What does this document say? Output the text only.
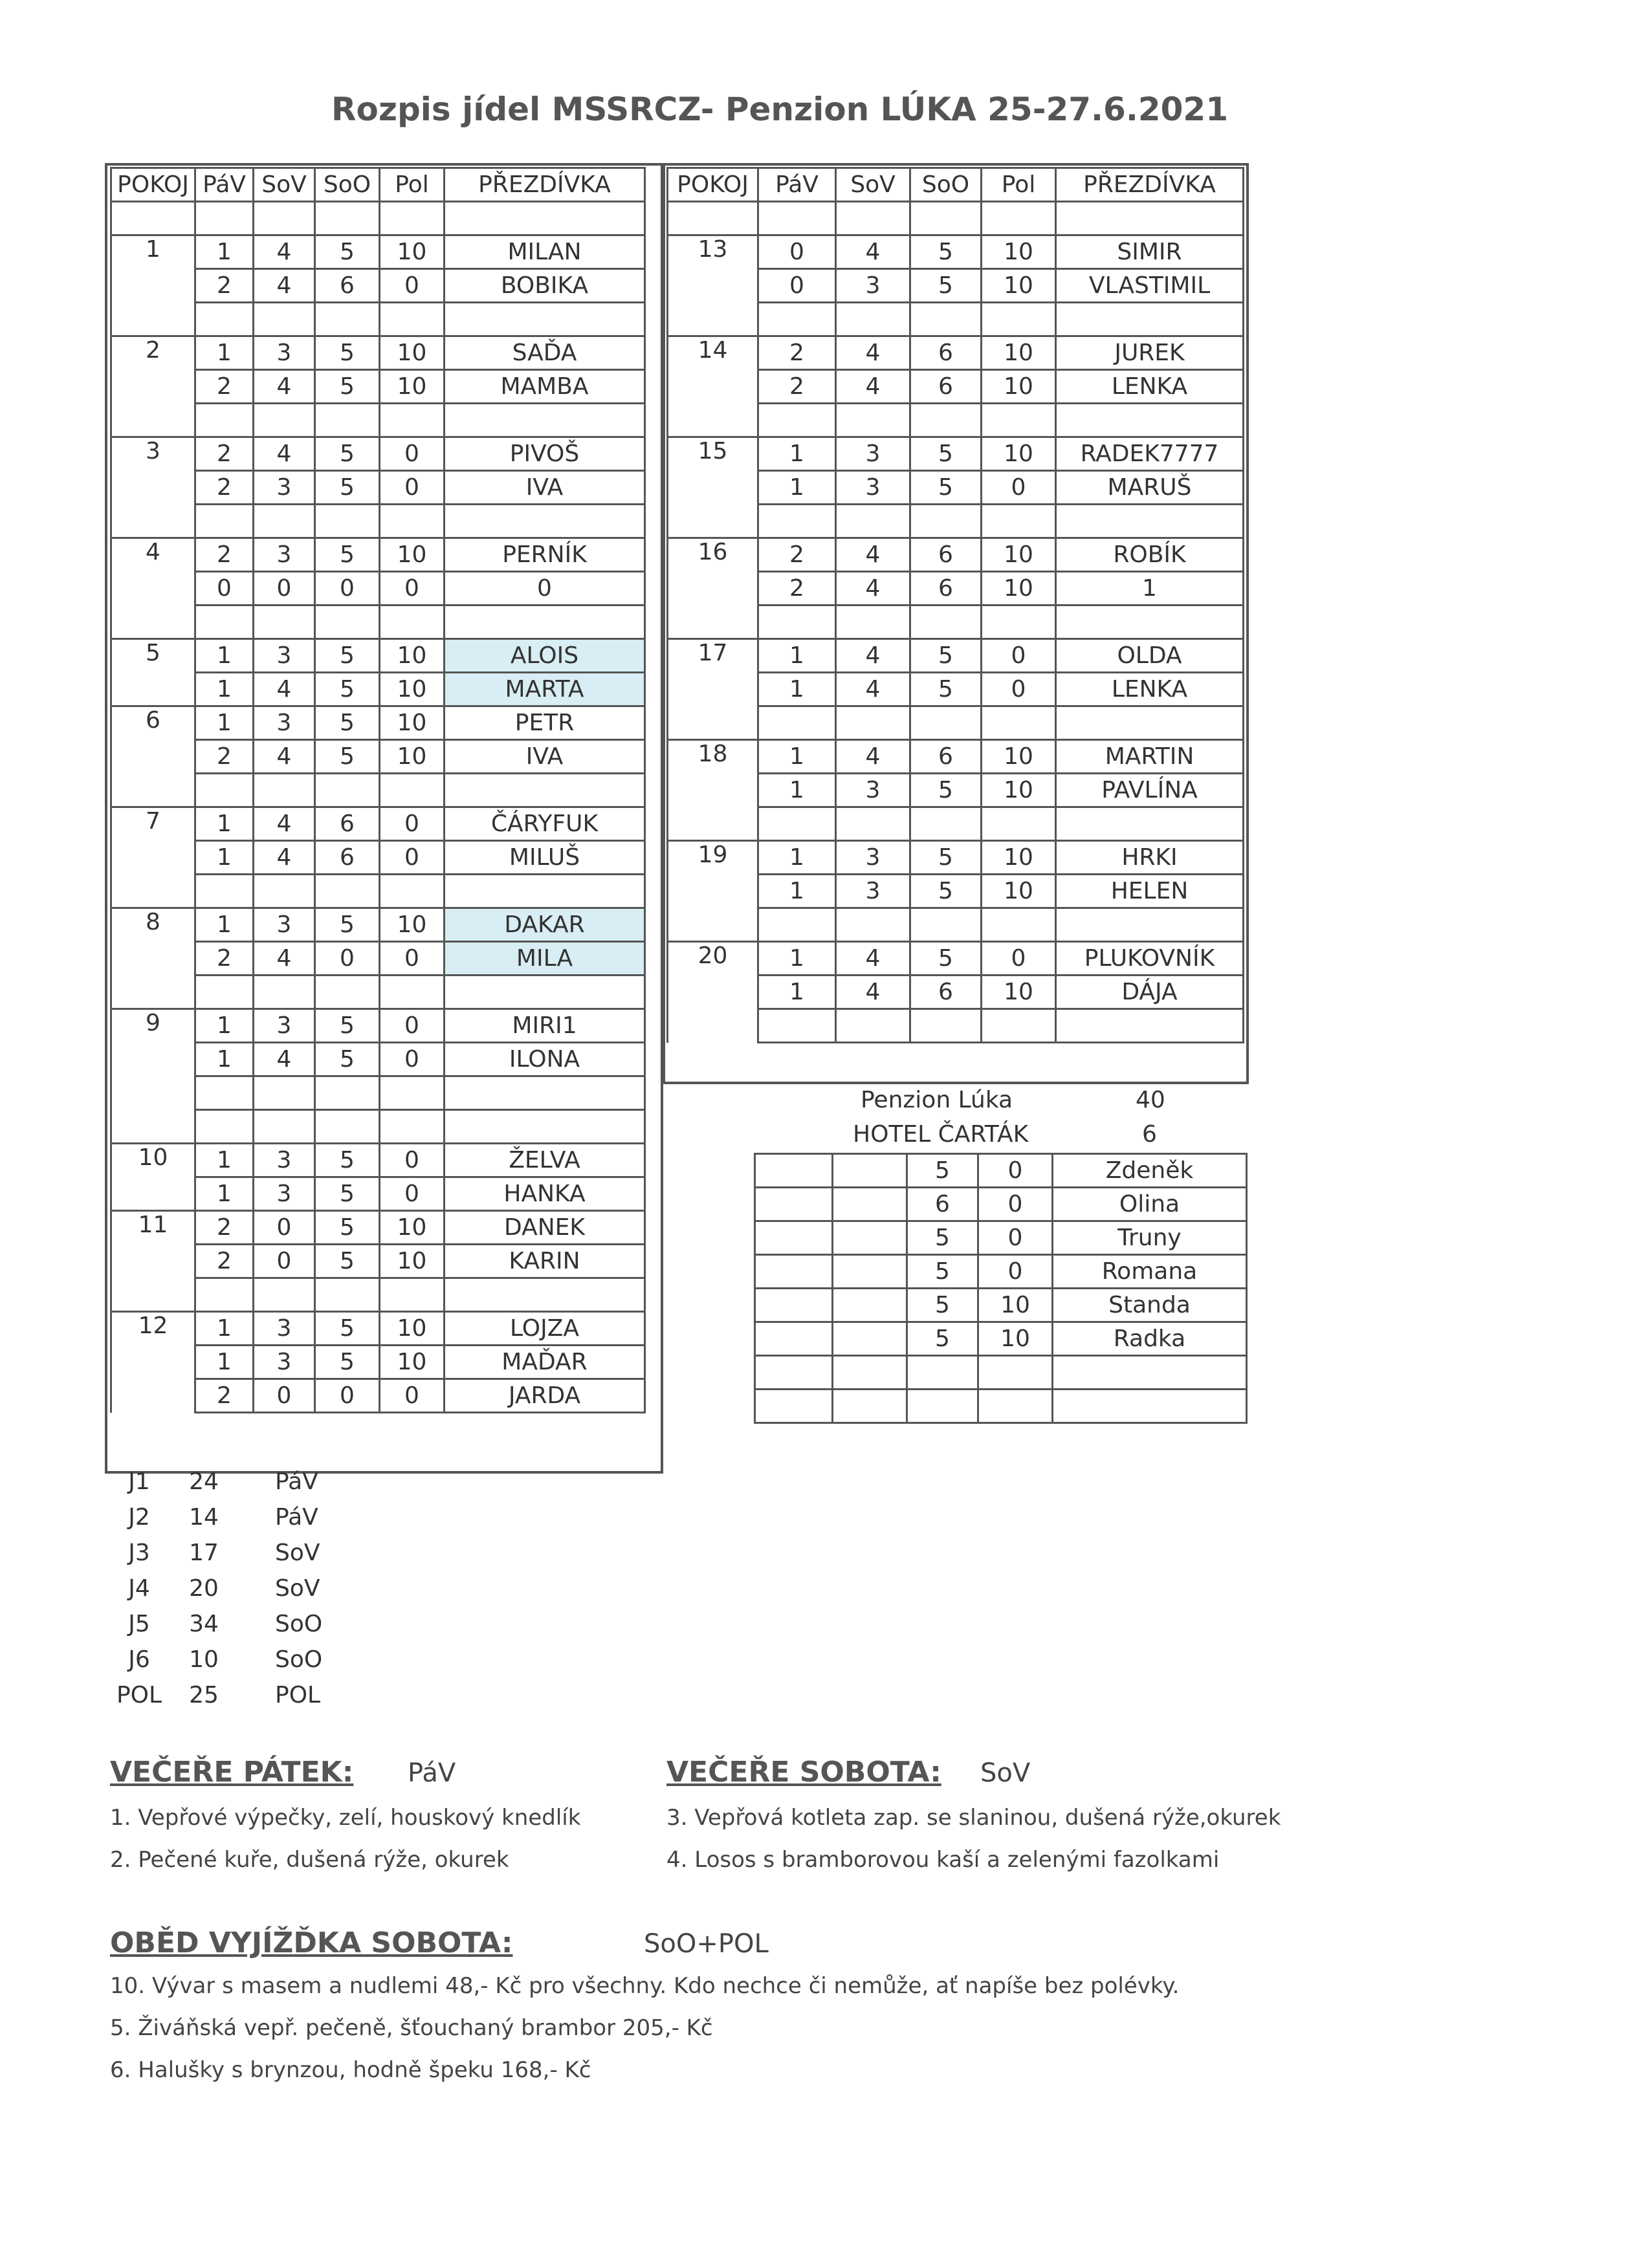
Rozpis jídel MSSRCZ- Penzion LÚKA 25-27.6.2021
POKOJ	PáV	SoV	SoO	Pol	PŘEZDÍVKA

1	1	4	5	10	MILAN
	2	4	6	0	BOBIKA

2	1	3	5	10	SAĎA
	2	4	5	10	MAMBA

3	2	4	5	0	PIVOŠ
	2	3	5	0	IVA

4	2	3	5	10	PERNÍK
	0	0	0	0	0

5	1	3	5	10	ALOIS
	1	4	5	10	MARTA
6	1	3	5	10	PETR
	2	4	5	10	IVA

7	1	4	6	0	ČÁRYFUK
	1	4	6	0	MILUŠ

8	1	3	5	10	DAKAR
	2	4	0	0	MILA

9	1	3	5	0	MIRI1
	1	4	5	0	ILONA

10	1	3	5	0	ŽELVA
	1	3	5	0	HANKA
11	2	0	5	10	DANEK
	2	0	5	10	KARIN

12	1	3	5	10	LOJZA
	1	3	5	10	MAĎAR
	2	0	0	0	JARDA
POKOJ	PáV	SoV	SoO	Pol	PŘEZDÍVKA

13	0	4	5	10	SIMIR
	0	3	5	10	VLASTIMIL

14	2	4	6	10	JUREK
	2	4	6	10	LENKA

15	1	3	5	10	RADEK7777
	1	3	5	0	MARUŠ

16	2	4	6	10	ROBÍK
	2	4	6	10	1

17	1	4	5	0	OLDA
	1	4	5	0	LENKA

18	1	4	6	10	MARTIN
	1	3	5	10	PAVLÍNA

19	1	3	5	10	HRKI
	1	3	5	10	HELEN

20	1	4	5	0	PLUKOVNÍK
	1	4	6	10	DÁJA

Penzion Lúka	40
HOTEL ČARTÁK	6
		5	0	Zdeněk
		6	0	Olina
		5	0	Truny
		5	0	Romana
		5	10	Standa
		5	10	Radka

J1	24	PáV
J2	14	PáV
J3	17	SoV
J4	20	SoV
J5	34	SoO
J6	10	SoO
POL	25	POL
VEČEŘE PÁTEK: PáV
1. Vepřové výpečky, zelí, houskový knedlík
2. Pečené kuře, dušená rýže, okurek
VEČEŘE SOBOTA: SoV
3. Vepřová kotleta zap. se slaninou, dušená rýže,okurek
4. Losos s bramborovou kaší a zelenými fazolkami
OBĚD VYJÍŽĎKA SOBOTA:	SoO+POL
10. Vývar s masem a nudlemi 48,- Kč pro všechny. Kdo nechce či nemůže, ať napíše bez polévky.
5. Živáňská vepř. pečeně, šťouchaný brambor 205,- Kč
6. Halušky s brynzou, hodně špeku 168,- Kč
